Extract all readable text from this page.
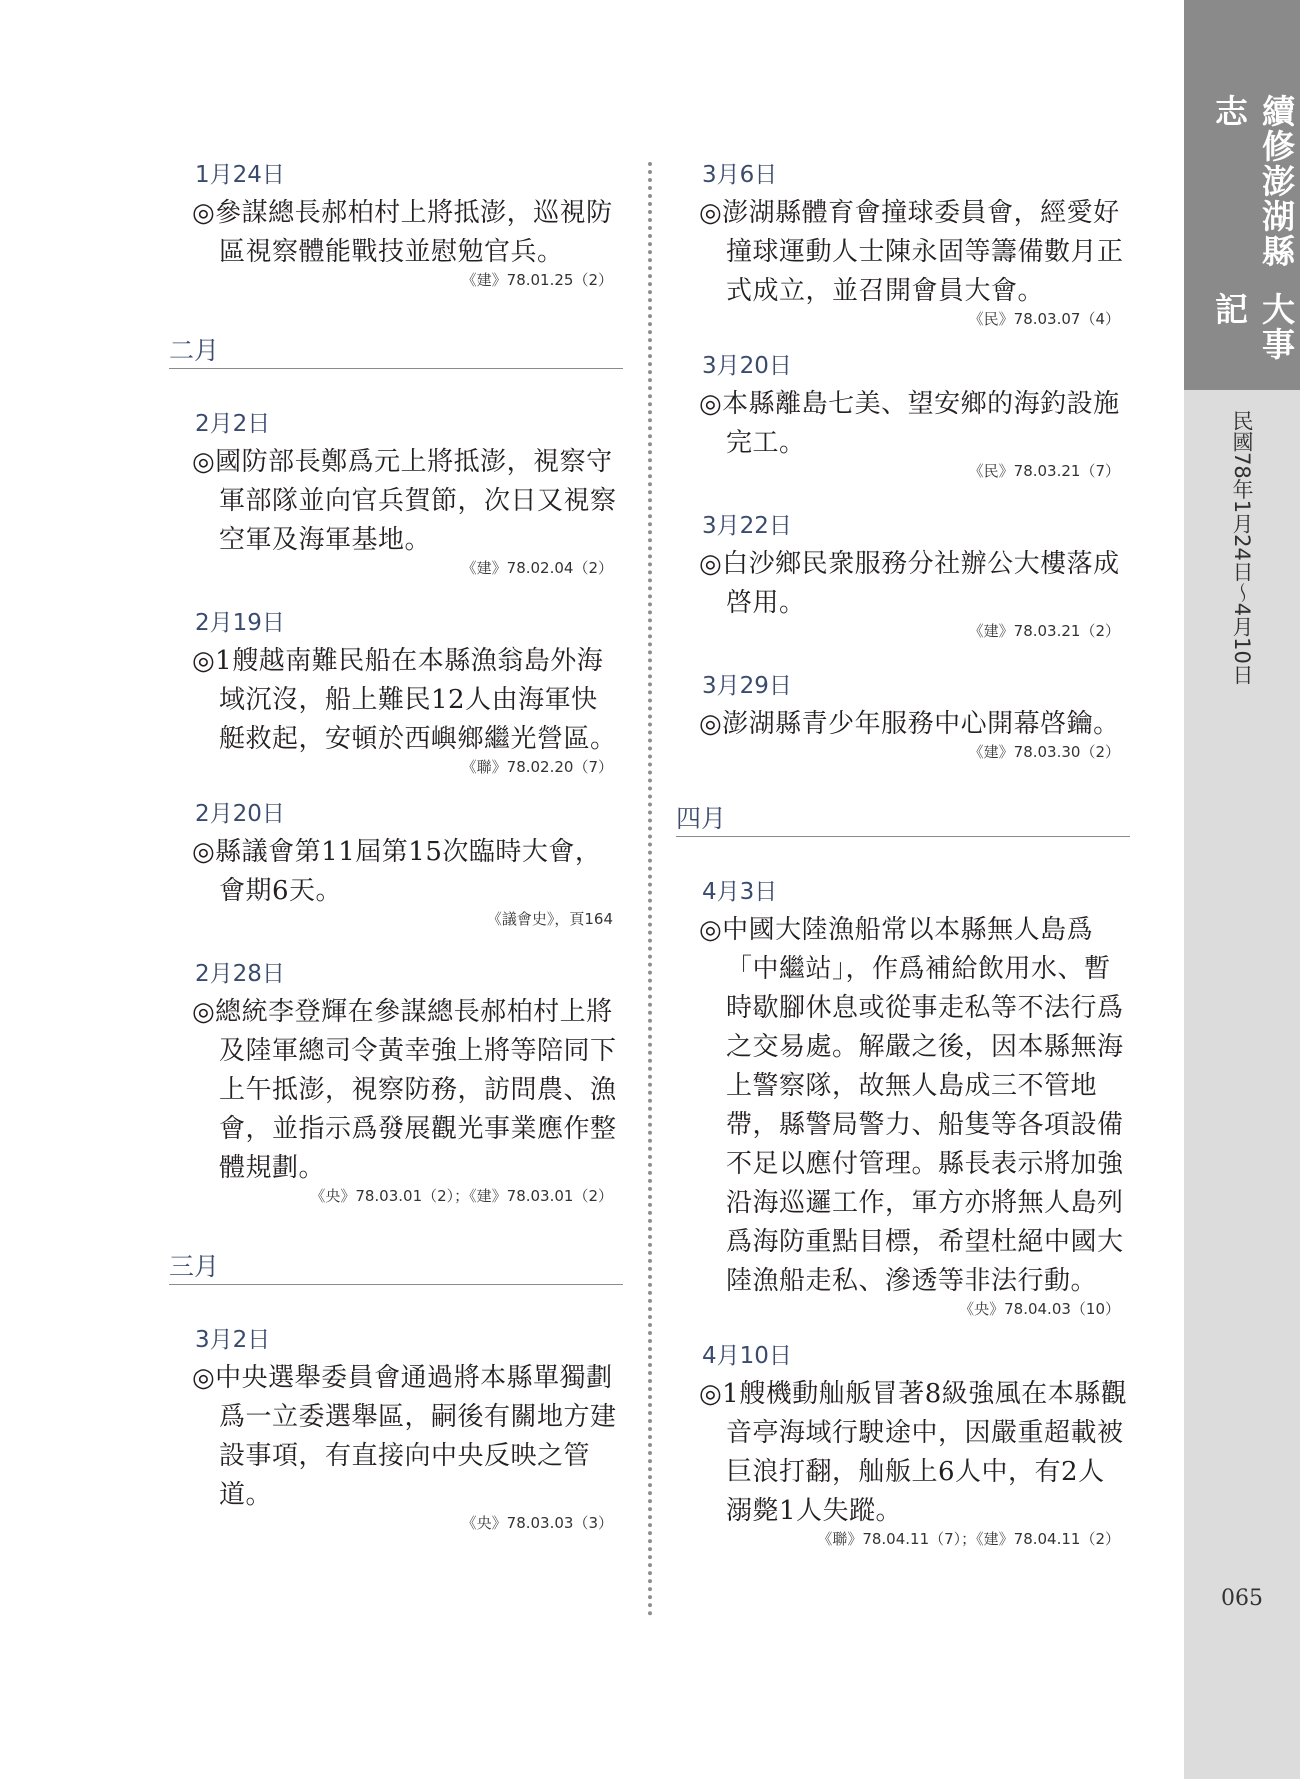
1月24日
◎參謀總長郝柏村上將抵澎，巡視防區視察體能戰技並慰勉官兵。
《建》78.01.25（2）
二月
2月2日
◎國防部長鄭爲元上將抵澎，視察守軍部隊並向官兵賀節，次日又視察空軍及海軍基地。
《建》78.02.04（2）
2月19日
◎1艘越南難民船在本縣漁翁島外海域沉沒，船上難民12人由海軍快艇救起，安頓於西嶼鄉繼光營區。
《聯》78.02.20（7）
2月20日
◎縣議會第11屆第15次臨時大會，會期6天。
《議會史》，頁164
2月28日
◎總統李登輝在參謀總長郝柏村上將及陸軍總司令黃幸強上將等陪同下上午抵澎，視察防務，訪問農、漁會，並指示爲發展觀光事業應作整體規劃。
《央》78.03.01（2）；《建》78.03.01（2）
三月
3月2日
◎中央選舉委員會通過將本縣單獨劃爲一立委選舉區，嗣後有關地方建設事項，有直接向中央反映之管道。
《央》78.03.03（3）
3月6日
◎澎湖縣體育會撞球委員會，經愛好撞球運動人士陳永固等籌備數月正式成立，並召開會員大會。
《民》78.03.07（4）
3月20日
◎本縣離島七美、望安鄉的海釣設施完工。
《民》78.03.21（7）
3月22日
◎白沙鄉民衆服務分社辦公大樓落成啓用。
《建》78.03.21（2）
3月29日
◎澎湖縣青少年服務中心開幕啓鑰。
《建》78.03.30（2）
四月
4月3日
◎中國大陸漁船常以本縣無人島爲「中繼站」，作爲補給飲用水、暫時歇腳休息或從事走私等不法行爲之交易處。解嚴之後，因本縣無海上警察隊，故無人島成三不管地帶，縣警局警力、船隻等各項設備不足以應付管理。縣長表示將加強沿海巡邏工作，軍方亦將無人島列爲海防重點目標，希望杜絕中國大陸漁船走私、滲透等非法行動。
《央》78.04.03（10）
4月10日
◎1艘機動舢舨冒著8級強風在本縣觀音亭海域行駛途中，因嚴重超載被巨浪打翻，舢舨上6人中，有2人溺斃1人失蹤。
《聯》78.04.11（7）；《建》78.04.11（2）
續修澎湖縣志
大事記
民國78年1月24日～4月10日
065
